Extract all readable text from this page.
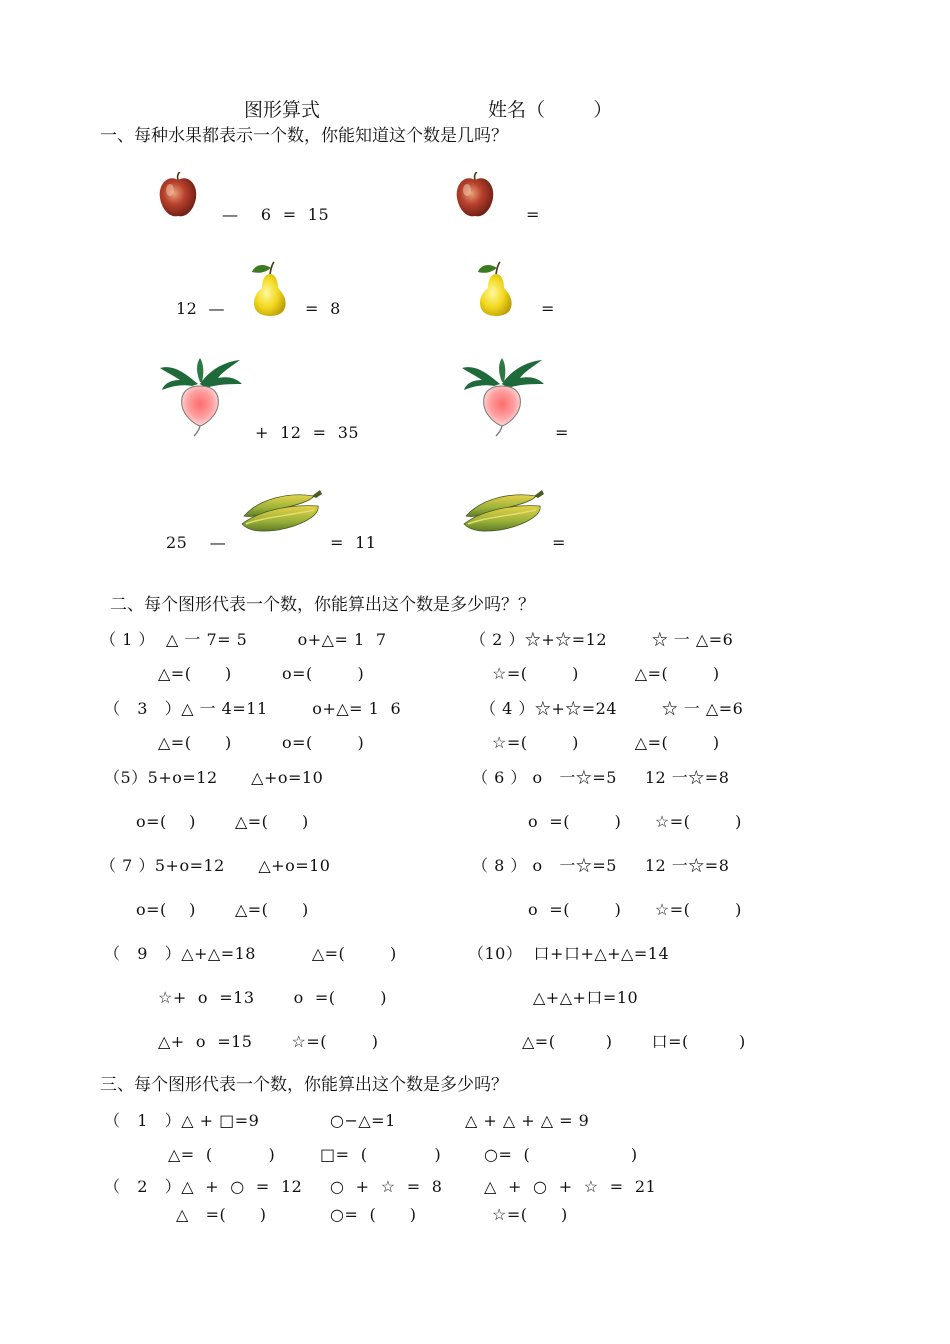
图形算式	姓名（        ）
一、每种水果都表示一个数，你能知道这个数是几吗？
—    6  =  15	=
12  —	=  8	=
+  12  =  35	=
25    —	=  11	=
二、每个图形代表一个数，你能算出这个数是多少吗？？
（ 1 ）  △ 一 7= 5         o+△= 1  7	（ 2 ）☆+☆=12        ☆ 一 △=6
△=(      )         o=(        )	☆=(        )          △=(        )
（   3   ）△ 一 4=11        o+△= 1  6	（ 4 ）☆+☆=24        ☆ 一 △=6
△=(      )         o=(        )	☆=(        )          △=(        )
（5）5+o=12      △+o=10	（ 6 ） o   一☆=5     12 一☆=8
o=(    )       △=(      )	o  =(        )      ☆=(        )
（ 7 ）5+o=12      △+o=10	（ 8 ） o   一☆=5     12 一☆=8
o=(    )       △=(      )	o  =(        )      ☆=(        )
（   9   ）△+△=18          △=(        )	（10）  口+口+△+△=14
☆+  o  =13       o  =(        )	△+△+口=10
△+  o  =15       ☆=(        )	△=(         )       口=(         )
三、每个图形代表一个数，你能算出这个数是多少吗？
（   1   ）△ + □=9	○−△=1	△ + △ + △ = 9
△=  (          )	□=  (            )	○=  (                  )
（   2   ）△  +  ○  =  12 ○  +  ☆  =  8	△  +  ○  +  ☆  =  21
△   =(      )	○=  (      )	☆=(      )
